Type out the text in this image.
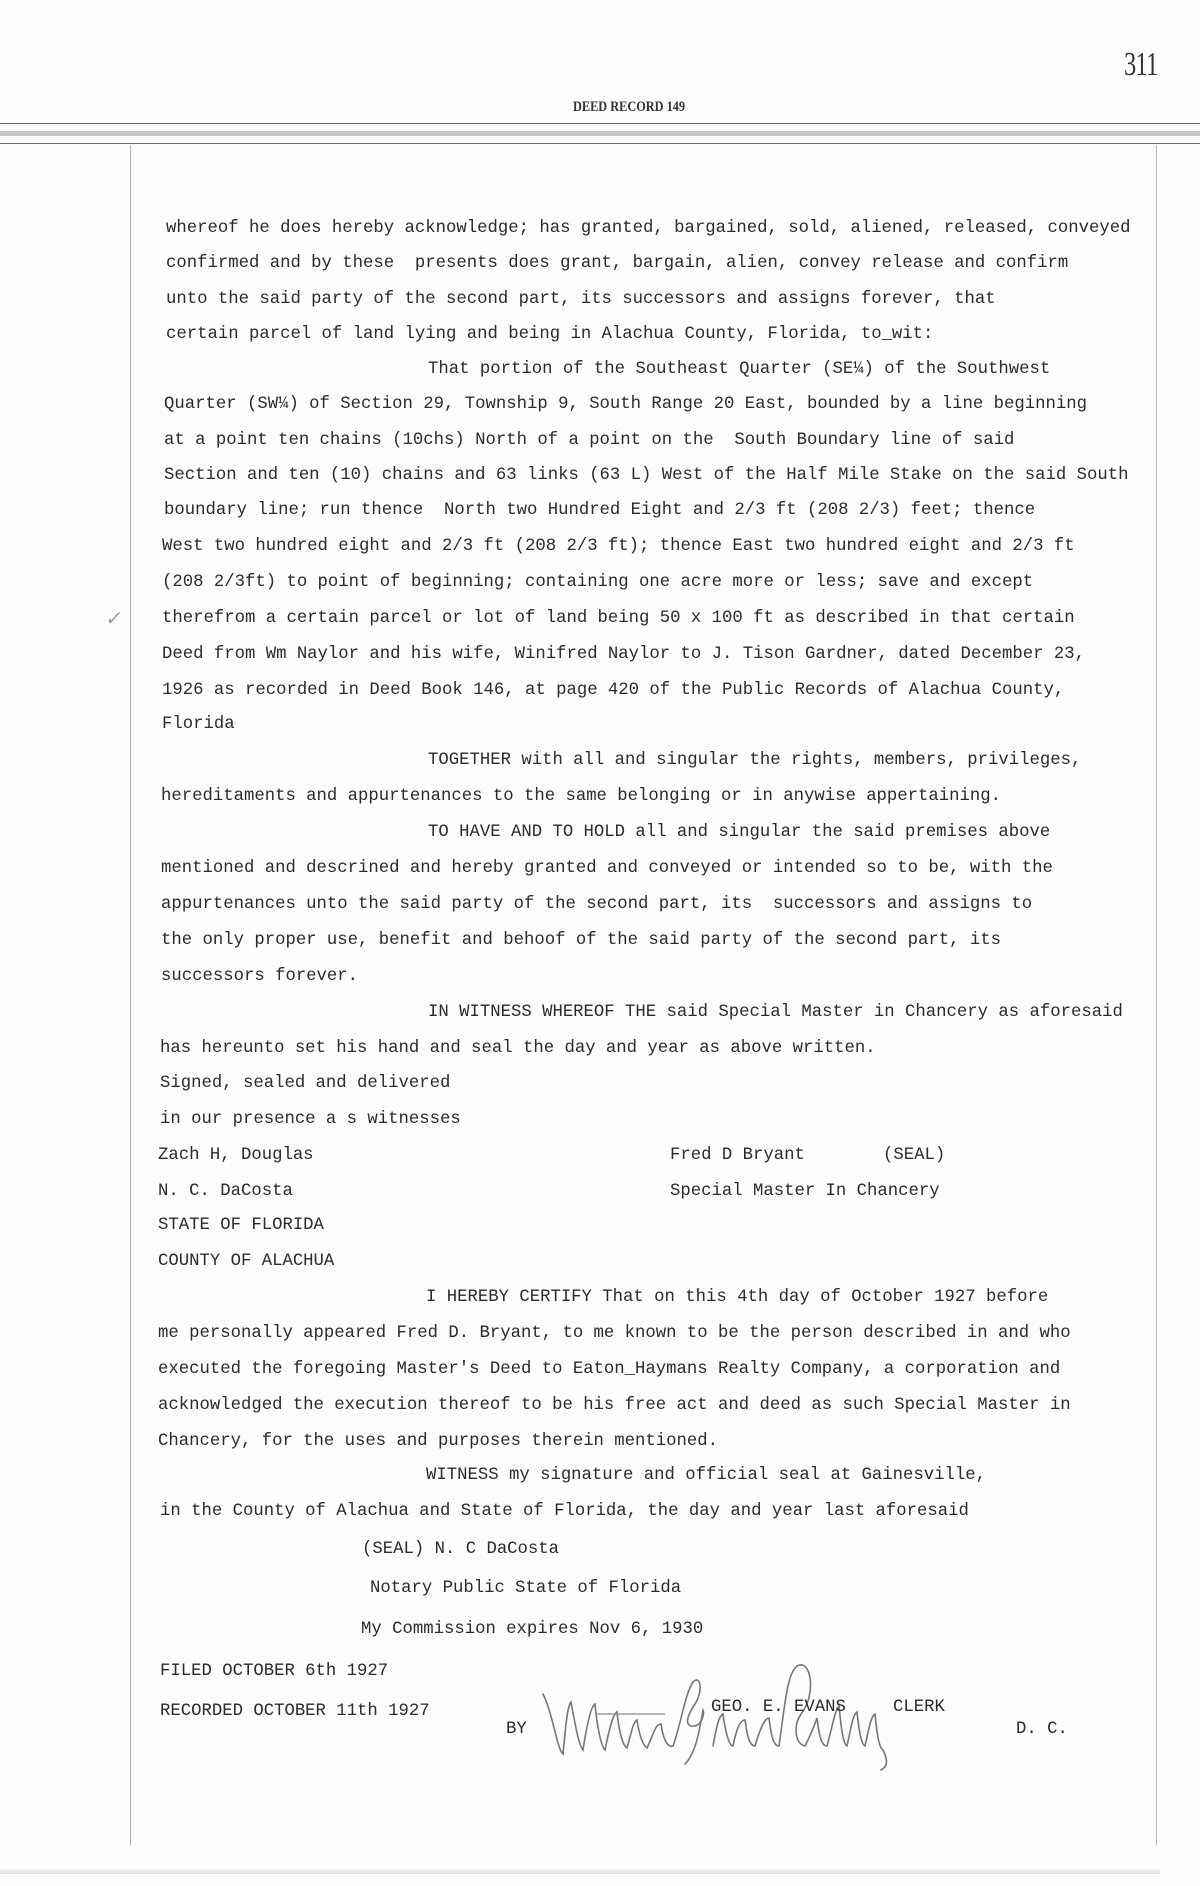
311
DEED RECORD 149
✓
whereof he does hereby acknowledge; has granted, bargained, sold, aliened, released, conveyed
confirmed and by these  presents does grant, bargain, alien, convey release and confirm
unto the said party of the second part, its successors and assigns forever, that
certain parcel of land lying and being in Alachua County, Florida, to_wit:
That portion of the Southeast Quarter (SE¼) of the Southwest
Quarter (SW¼) of Section 29, Township 9, South Range 20 East, bounded by a line beginning
at a point ten chains (10chs) North of a point on the  South Boundary line of said
Section and ten (10) chains and 63 links (63 L) West of the Half Mile Stake on the said South
boundary line; run thence  North two Hundred Eight and 2/3 ft (208 2/3) feet; thence
West two hundred eight and 2/3 ft (208 2/3 ft); thence East two hundred eight and 2/3 ft
(208 2/3ft) to point of beginning; containing one acre more or less; save and except
therefrom a certain parcel or lot of land being 50 x 100 ft as described in that certain
Deed from Wm Naylor and his wife, Winifred Naylor to J. Tison Gardner, dated December 23,
1926 as recorded in Deed Book 146, at page 420 of the Public Records of Alachua County,
Florida
TOGETHER with all and singular the rights, members, privileges,
hereditaments and appurtenances to the same belonging or in anywise appertaining.
TO HAVE AND TO HOLD all and singular the said premises above
mentioned and descrined and hereby granted and conveyed or intended so to be, with the
appurtenances unto the said party of the second part, its  successors and assigns to
the only proper use, benefit and behoof of the said party of the second part, its
successors forever.
IN WITNESS WHEREOF THE said Special Master in Chancery as aforesaid
has hereunto set his hand and seal the day and year as above written.
Signed, sealed and delivered
in our presence a s witnesses
Zach H, Douglas	Fred D Bryant	(SEAL)
N. C. DaCosta	Special Master In Chancery
STATE OF FLORIDA
COUNTY OF ALACHUA
I HEREBY CERTIFY That on this 4th day of October 1927 before
me personally appeared Fred D. Bryant, to me known to be the person described in and who
executed the foregoing Master's Deed to Eaton_Haymans Realty Company, a corporation and
acknowledged the execution thereof to be his free act and deed as such Special Master in
Chancery, for the uses and purposes therein mentioned.
WITNESS my signature and official seal at Gainesville,
in the County of Alachua and State of Florida, the day and year last aforesaid
(SEAL) N. C DaCosta
Notary Public State of Florida
My Commission expires Nov 6, 1930
FILED OCTOBER 6th 1927
RECORDED OCTOBER 11th 1927	GEO. E. EVANS	CLERK
BY	D. C.
